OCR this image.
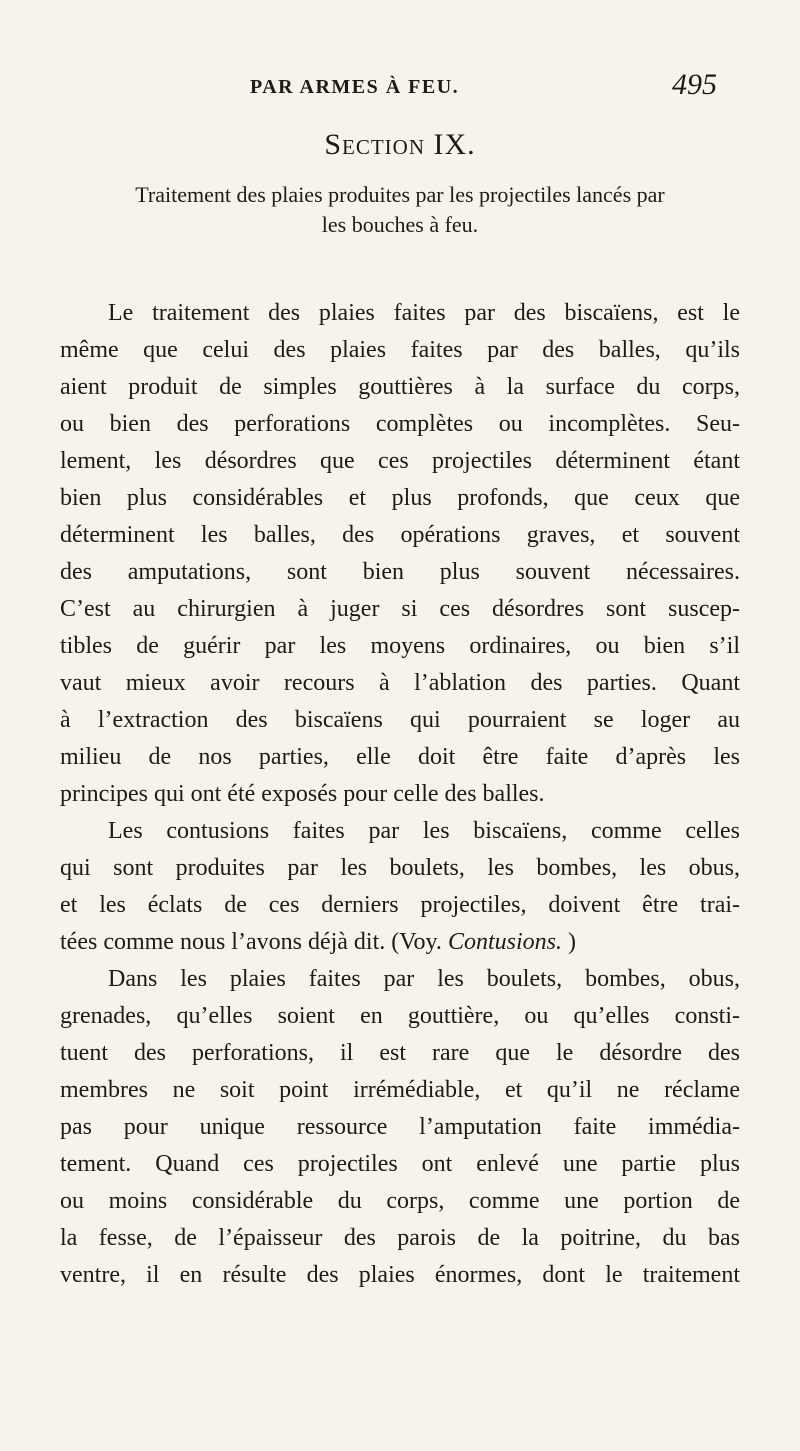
PAR ARMES À FEU.	495
Section IX.
Traitement des plaies produites par les projectiles lancés par
les bouches à feu.
Le traitement des plaies faites par des biscaïens, est le
même que celui des plaies faites par des balles, qu’ils
aient produit de simples gouttières à la surface du corps,
ou bien des perforations complètes ou incomplètes. Seu-
lement, les désordres que ces projectiles déterminent étant
bien plus considérables et plus profonds, que ceux que
déterminent les balles, des opérations graves, et souvent
des amputations, sont bien plus souvent nécessaires.
C’est au chirurgien à juger si ces désordres sont suscep-
tibles de guérir par les moyens ordinaires, ou bien s’il
vaut mieux avoir recours à l’ablation des parties. Quant
à l’extraction des biscaïens qui pourraient se loger au
milieu de nos parties, elle doit être faite d’après les
principes qui ont été exposés pour celle des balles.
Les contusions faites par les biscaïens, comme celles
qui sont produites par les boulets, les bombes, les obus,
et les éclats de ces derniers projectiles, doivent être trai-
tées comme nous l’avons déjà dit. (Voy. Contusions. )
Dans les plaies faites par les boulets, bombes, obus,
grenades, qu’elles soient en gouttière, ou qu’elles consti-
tuent des perforations, il est rare que le désordre des
membres ne soit point irrémédiable, et qu’il ne réclame
pas pour unique ressource l’amputation faite immédia-
tement. Quand ces projectiles ont enlevé une partie plus
ou moins considérable du corps, comme une portion de
la fesse, de l’épaisseur des parois de la poitrine, du bas
ventre, il en résulte des plaies énormes, dont le traitement
